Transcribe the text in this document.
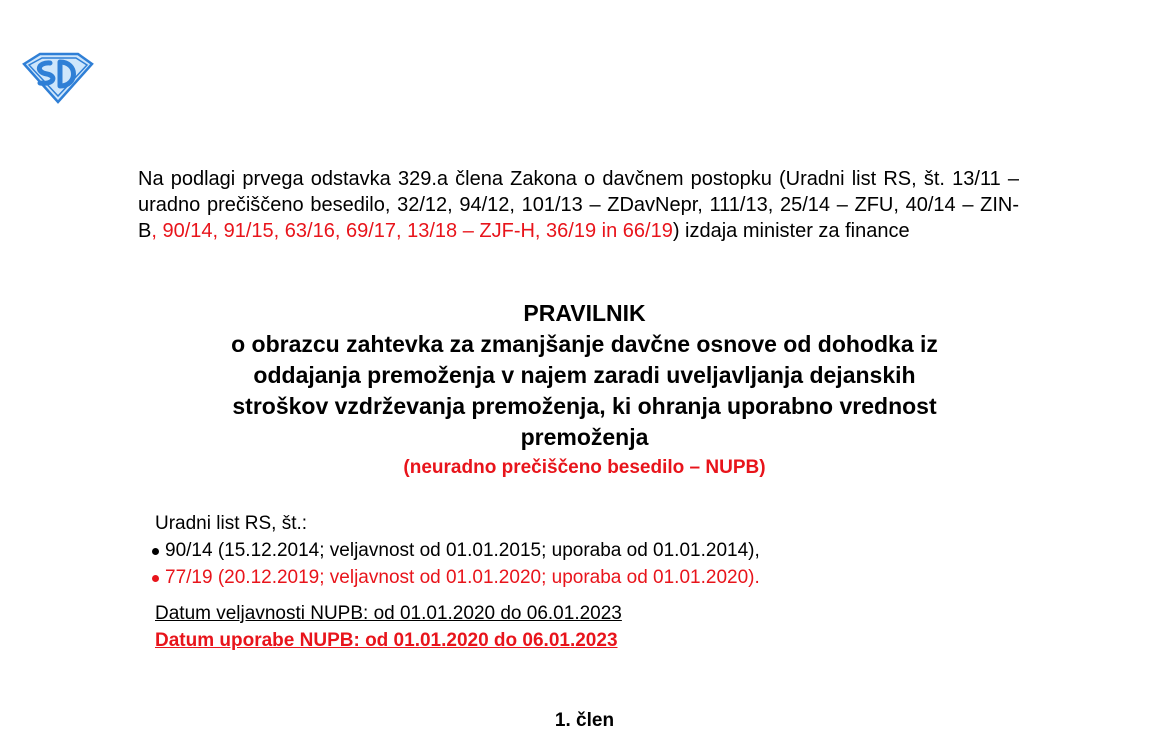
Na podlagi prvega odstavka 329.a člena Zakona o davčnem postopku (Uradni list RS, št. 13/11 – uradno prečiščeno besedilo, 32/12, 94/12, 101/13 – ZDavNepr, 111/13, 25/14 – ZFU, 40/14 – ZIN-B, 90/14, 91/15, 63/16, 69/17, 13/18 – ZJF-H, 36/19 in 66/19) izdaja minister za finance
PRAVILNIK
o obrazcu zahtevka za zmanjšanje davčne osnove od dohodka iz
oddajanja premoženja v najem zaradi uveljavljanja dejanskih
stroškov vzdrževanja premoženja, ki ohranja uporabno vrednost
premoženja
(neuradno prečiščeno besedilo – NUPB)
Uradni list RS, št.:
90/14 (15.12.2014; veljavnost od 01.01.2015; uporaba od 01.01.2014),
77/19 (20.12.2019; veljavnost od 01.01.2020; uporaba od 01.01.2020).
Datum veljavnosti NUPB: od 01.01.2020 do 06.01.2023
Datum uporabe NUPB: od 01.01.2020 do 06.01.2023
1. člen
